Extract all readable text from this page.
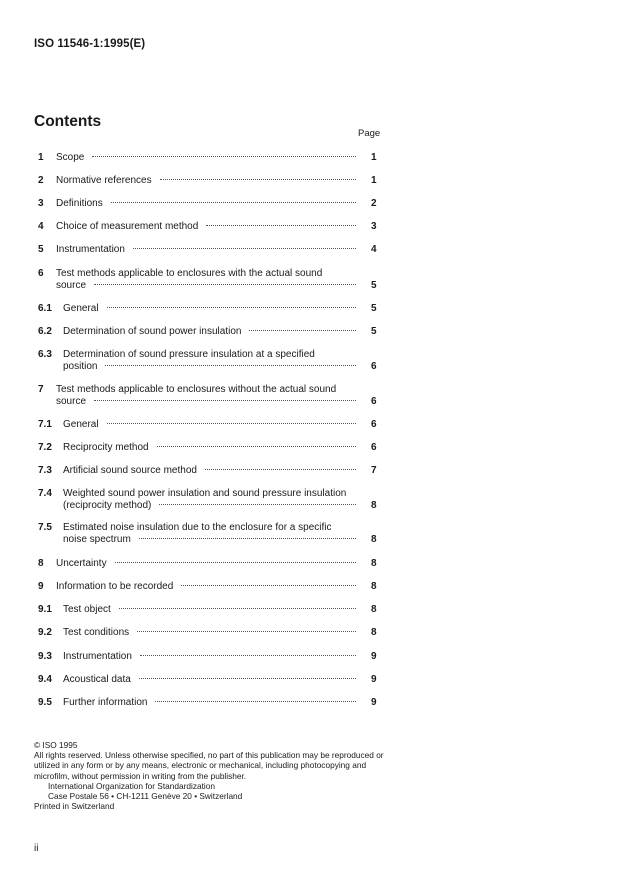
ISO 11546-1:1995(E)
Contents
Page
1 Scope	1
2 Normative references	1
3 Definitions	2
4 Choice of measurement method	3
5 Instrumentation	4
6 Test methods applicable to enclosures with the actual sound
source	5
6.1 General	5
6.2 Determination of sound power insulation	5
6.3 Determination of sound pressure insulation at a specified
position	6
7 Test methods applicable to enclosures without the actual sound
source	6
7.1 General	6
7.2 Reciprocity method	6
7.3 Artificial sound source method	7
7.4 Weighted sound power insulation and sound pressure insulation
(reciprocity method)	8
7.5 Estimated noise insulation due to the enclosure for a specific
noise spectrum	8
8 Uncertainty	8
9 Information to be recorded	8
9.1 Test object	8
9.2 Test conditions	8
9.3 Instrumentation	9
9.4 Acoustical data	9
9.5 Further information	9
© ISO 1995
All rights reserved. Unless otherwise specified, no part of this publication may be reproduced or utilized in any form or by any means, electronic or mechanical, including photocopying and microfilm, without permission in writing from the publisher.

International Organization for Standardization
Case Postale 56 • CH-1211 Genève 20 • Switzerland
Printed in Switzerland
ii
